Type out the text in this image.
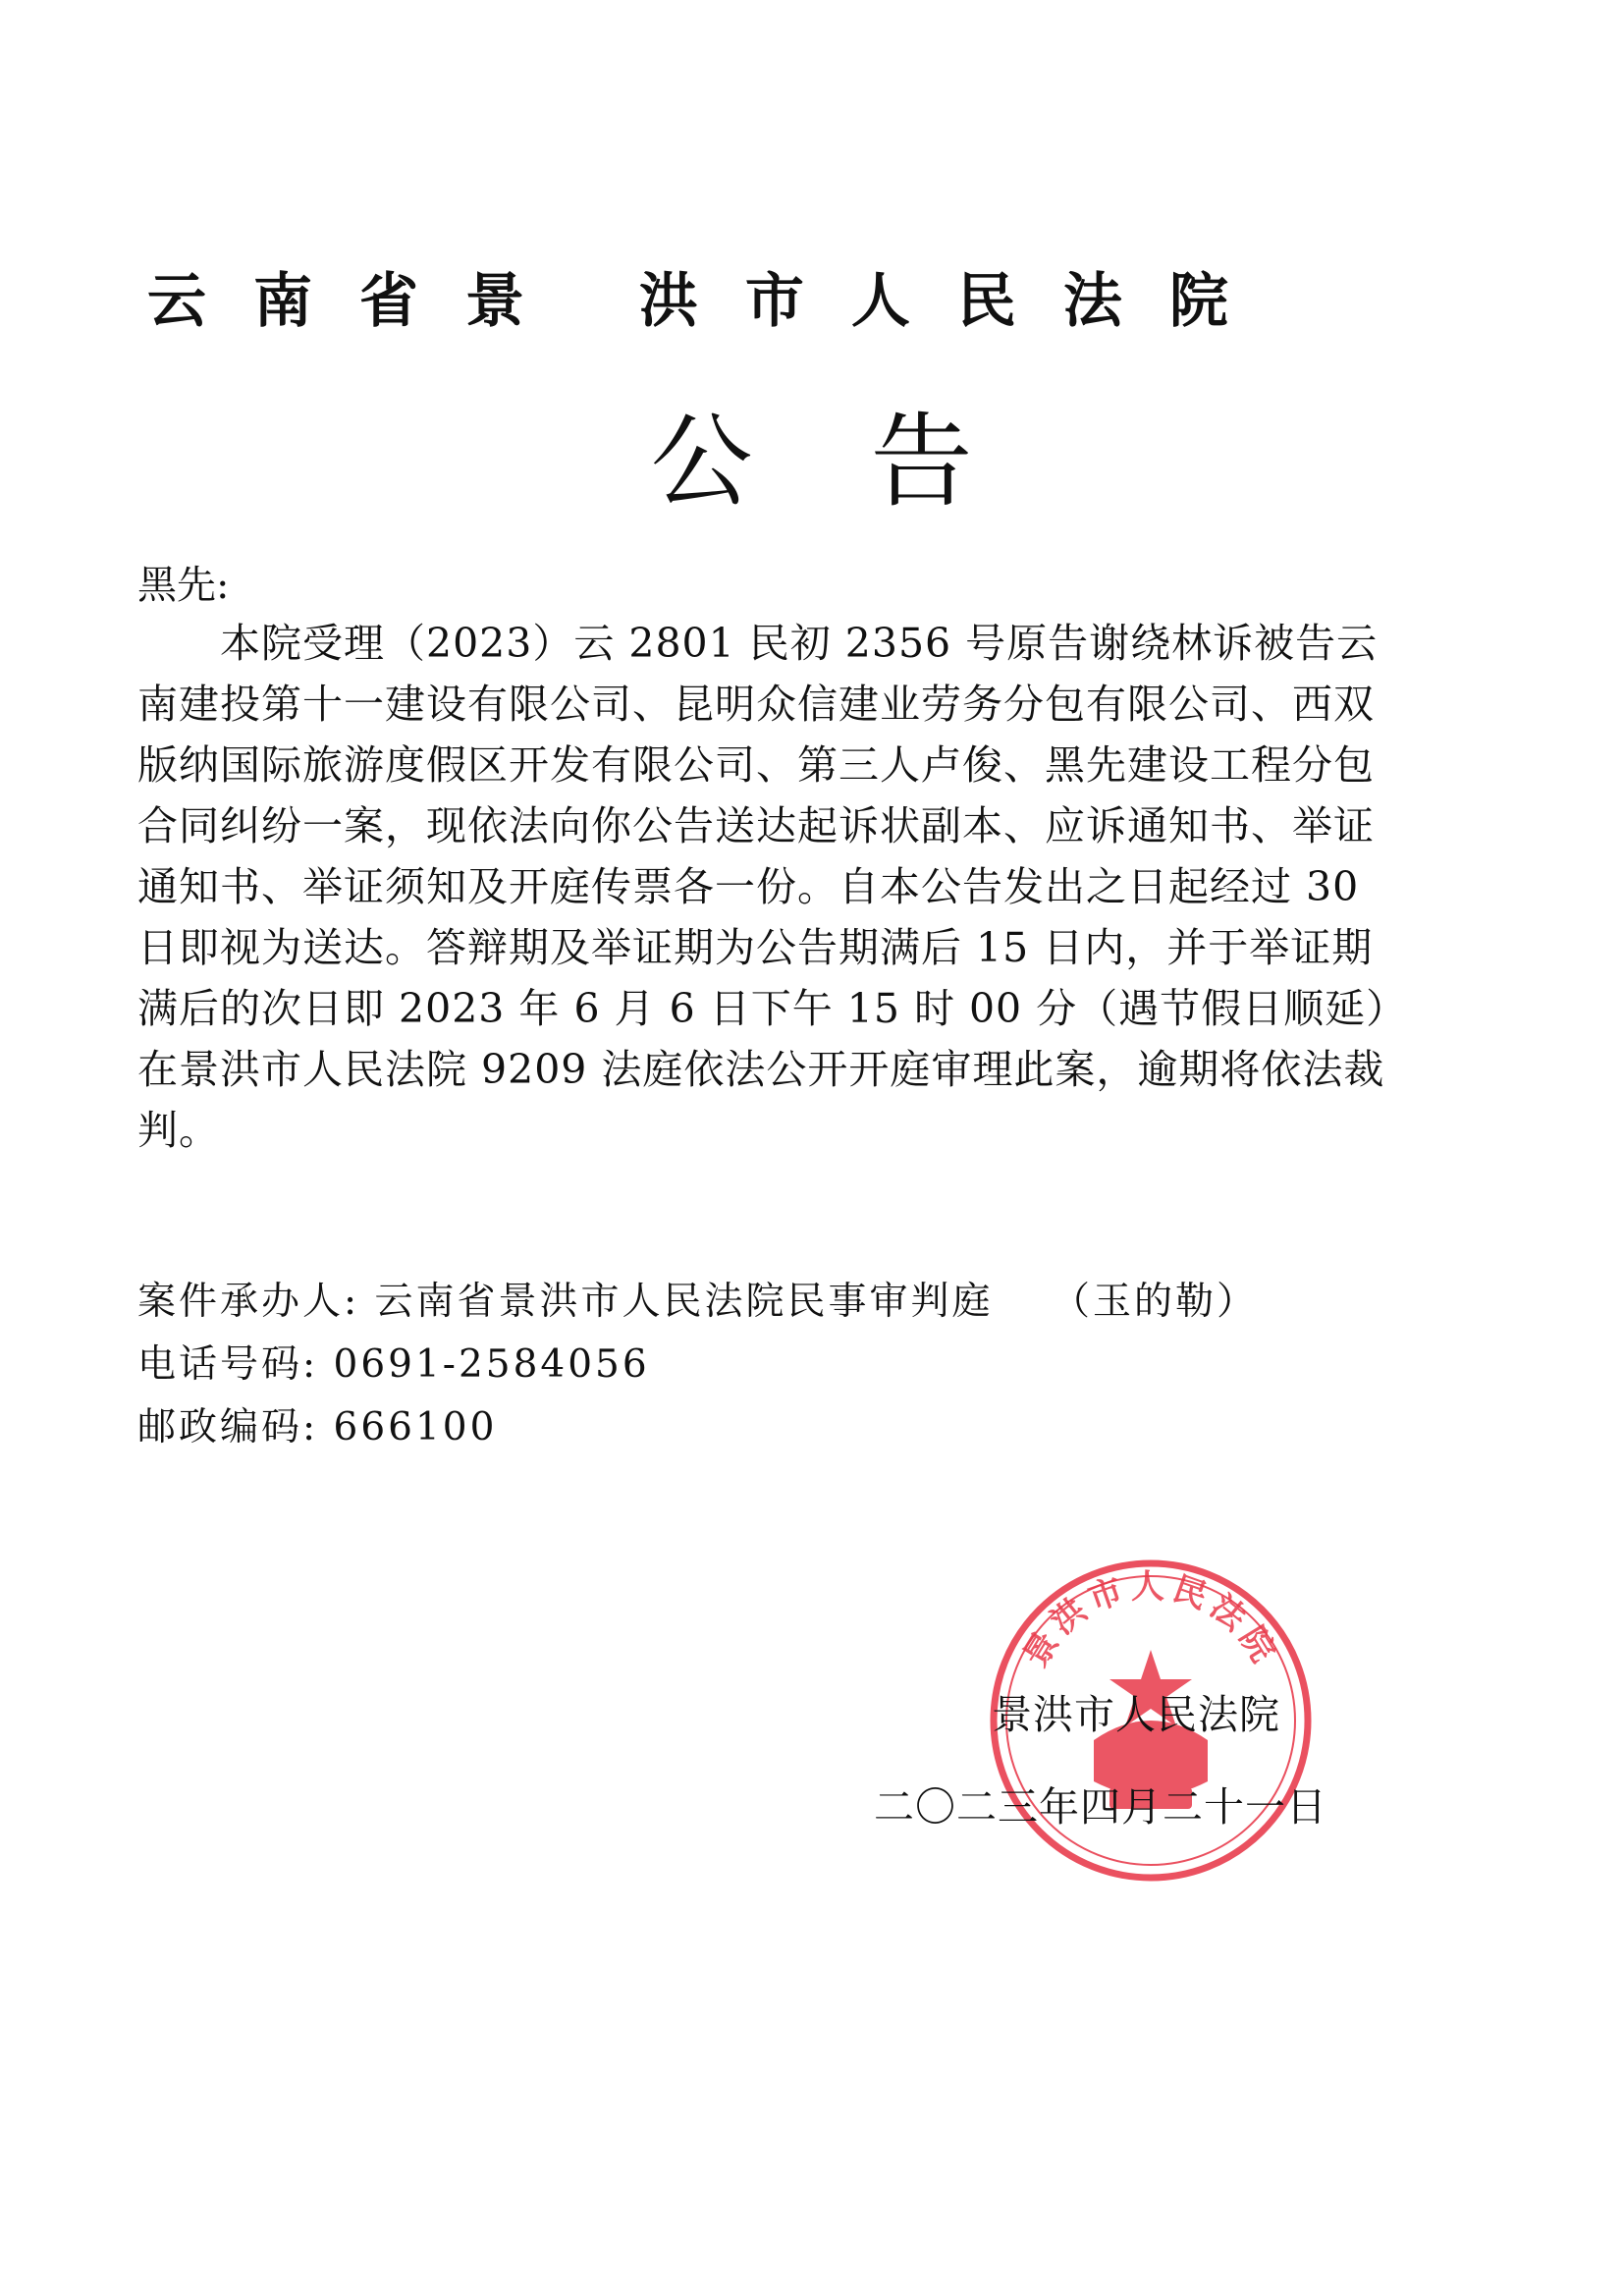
云南省景 洪市人民法院
公告
黑先:

本院受理（2023）云 2801 民初 2356 号原告谢绕林诉被告云南建投第十一建设有限公司、昆明众信建业劳务分包有限公司、西双版纳国际旅游度假区开发有限公司、第三人卢俊、黑先建设工程分包合同纠纷一案，现依法向你公告送达起诉状副本、应诉通知书、举证通知书、举证须知及开庭传票各一份。自本公告发出之日起经过 30 日即视为送达。答辩期及举证期为公告期满后 15 日内，并于举证期满后的次日即 2023 年 6 月 6 日下午 15 时 00 分（遇节假日顺延）在景洪市人民法院 9209 法庭依法公开开庭审理此案，逾期将依法裁判。

案件承办人: 云南省景洪市人民法院民事审判庭 （玉的勒）
电话号码: 0691-2584056
邮政编码: 666100
景洪市人民法院
景洪市人民法院
二〇二三年四月二十一日
